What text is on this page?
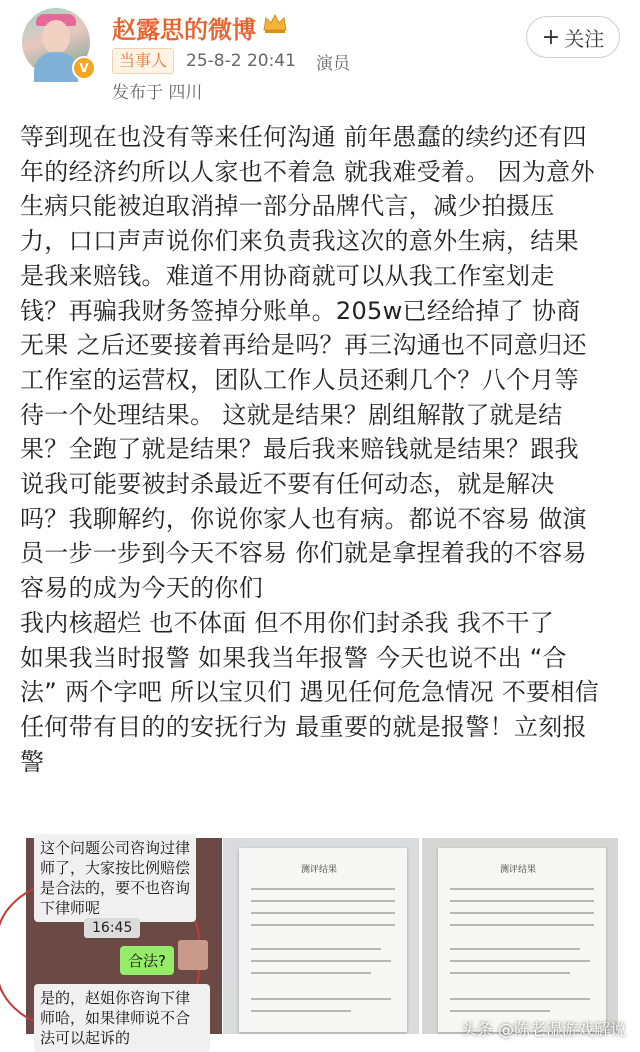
V
赵露思的微博	+ 关注
当事人	25-8-2 20:41 演员
发布于 四川
等到现在也没有等来任何沟通 前年愚蠢的续约还有四
年的经济约所以人家也不着急 就我难受着。 因为意外
生病只能被迫取消掉一部分品牌代言，减少拍摄压
力，口口声声说你们来负责我这次的意外生病，结果
是我来赔钱。难道不用协商就可以从我工作室划走
钱？再骗我财务签掉分账单。205w已经给掉了 协商
无果 之后还要接着再给是吗？再三沟通也不同意归还
工作室的运营权，团队工作人员还剩几个？八个月等
待一个处理结果。 这就是结果？剧组解散了就是结
果？全跑了就是结果？最后我来赔钱就是结果？跟我
说我可能要被封杀最近不要有任何动态，就是解决
吗？我聊解约，你说你家人也有病。都说不容易 做演
员一步一步到今天不容易 你们就是拿捏着我的不容易
容易的成为今天的你们
我内核超烂 也不体面 但不用你们封杀我 我不干了
如果我当时报警 如果我当年报警 今天也说不出 “合
法” 两个字吧 所以宝贝们 遇见任何危急情况 不要相信
任何带有目的的安抚行为 最重要的就是报警！立刻报
警
这个问题公司咨询过律师了，大家按比例赔偿是合法的，要不也咨询下律师呢
16:45
合法?
是的，赵姐你咨询下律师哈，如果律师说不合法可以起诉的
测评结果	测评结果
头条 @陈老湿游戏解说
